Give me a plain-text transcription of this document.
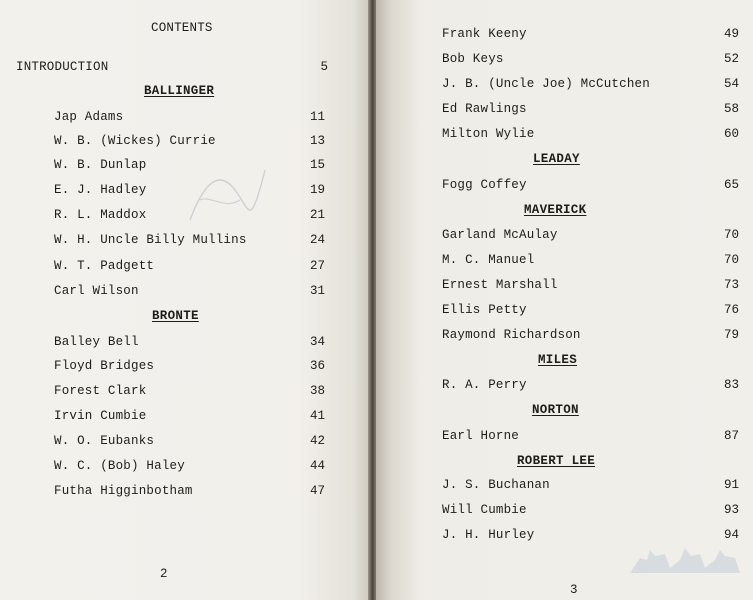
CONTENTS
INTRODUCTION	5
BALLINGER
Jap Adams	11
W. B. (Wickes) Currie	13
W. B. Dunlap	15
E. J. Hadley	19
R. L. Maddox	21
W. H. Uncle Billy Mullins	24
W. T. Padgett	27
Carl Wilson	31
BRONTE
Balley Bell	34
Floyd Bridges	36
Forest Clark	38
Irvin Cumbie	41
W. O. Eubanks	42
W. C. (Bob) Haley	44
Futha Higginbotham	47
2
Frank Keeny	49
Bob Keys	52
J. B. (Uncle Joe) McCutchen	54
Ed Rawlings	58
Milton Wylie	60
LEADAY
Fogg Coffey	65
MAVERICK
Garland McAulay	70
M. C. Manuel	70
Ernest Marshall	73
Ellis Petty	76
Raymond Richardson	79
MILES
R. A. Perry	83
NORTON
Earl Horne	87
ROBERT LEE
J. S. Buchanan	91
Will Cumbie	93
J. H. Hurley	94
3
